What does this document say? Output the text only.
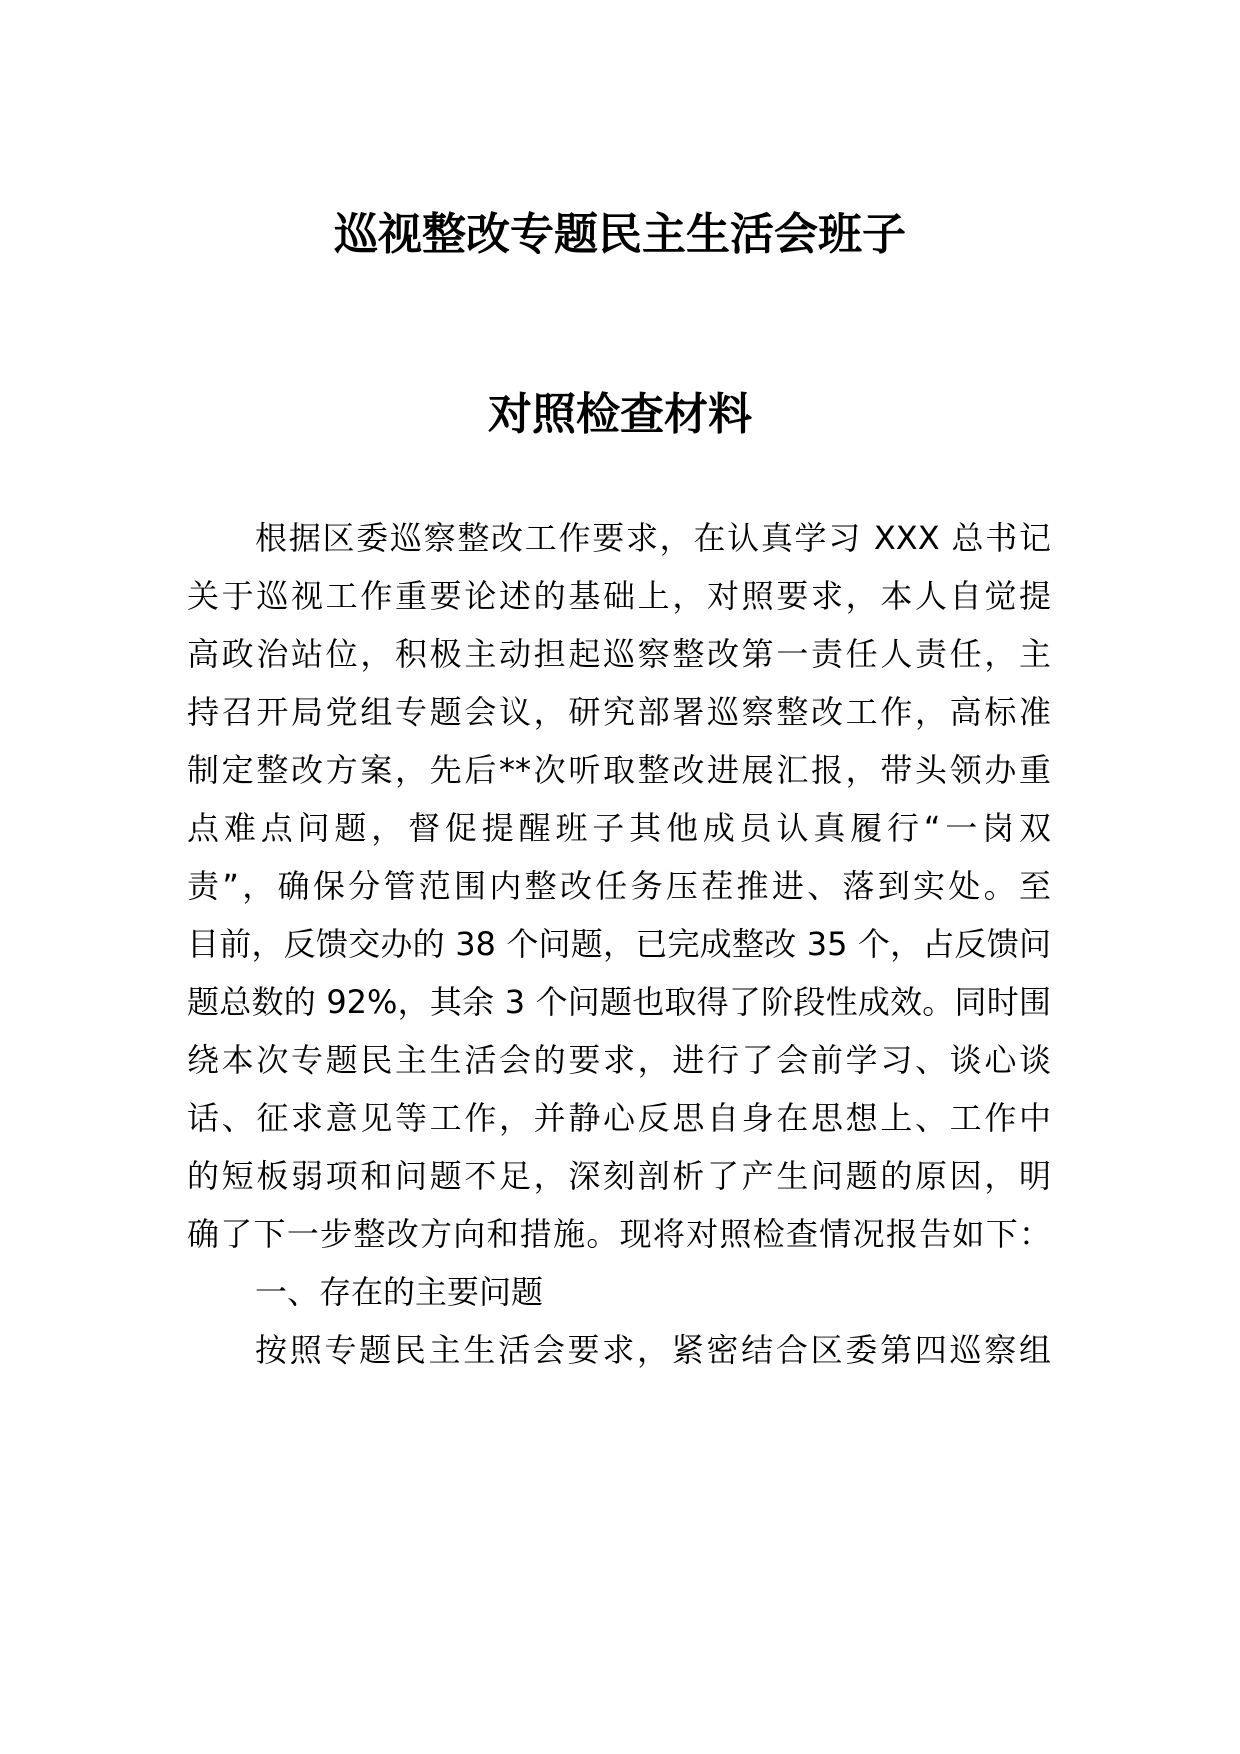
巡视整改专题民主生活会班子
对照检查材料
根据区委巡察整改工作要求，在认真学习 XXX 总书记
关于巡视工作重要论述的基础上，对照要求，本人自觉提
高政治站位，积极主动担起巡察整改第一责任人责任，主
持召开局党组专题会议，研究部署巡察整改工作，高标准
制定整改方案，先后**次听取整改进展汇报，带头领办重
点难点问题，督促提醒班子其他成员认真履行“一岗双
责”，确保分管范围内整改任务压茬推进、落到实处。至
目前，反馈交办的 38 个问题，已完成整改 35 个，占反馈问
题总数的 92%，其余 3 个问题也取得了阶段性成效。同时围
绕本次专题民主生活会的要求，进行了会前学习、谈心谈
话、征求意见等工作，并静心反思自身在思想上、工作中
的短板弱项和问题不足，深刻剖析了产生问题的原因，明
确了下一步整改方向和措施。现将对照检查情况报告如下：
一、存在的主要问题
按照专题民主生活会要求，紧密结合区委第四巡察组
